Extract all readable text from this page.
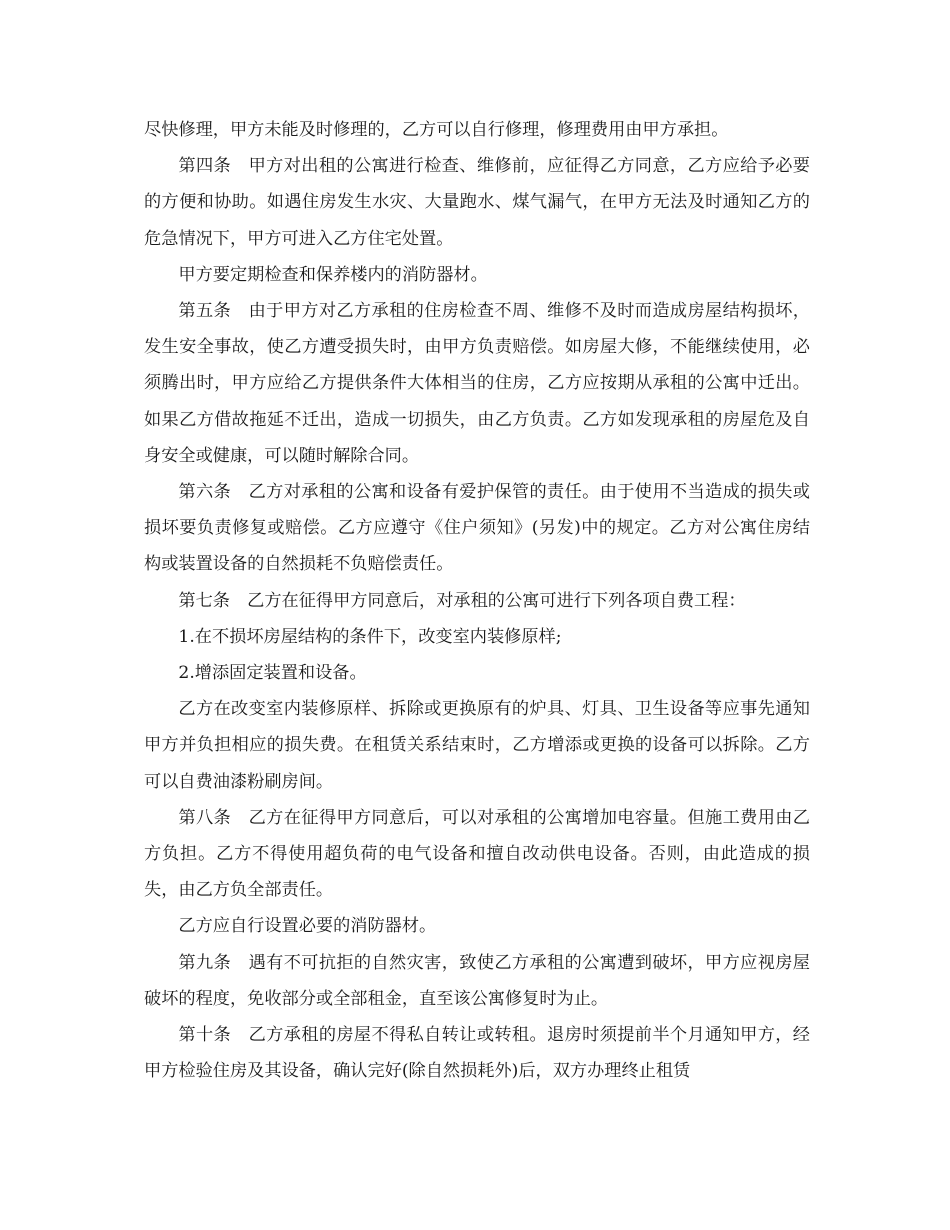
尽快修理，甲方未能及时修理的，乙方可以自行修理，修理费用由甲方承担。

第四条　甲方对出租的公寓进行检查、维修前，应征得乙方同意，乙方应给予必要的方便和协助。如遇住房发生水灾、大量跑水、煤气漏气，在甲方无法及时通知乙方的危急情况下，甲方可进入乙方住宅处置。

甲方要定期检查和保养楼内的消防器材。

第五条　由于甲方对乙方承租的住房检查不周、维修不及时而造成房屋结构损坏，发生安全事故，使乙方遭受损失时，由甲方负责赔偿。如房屋大修，不能继续使用，必须腾出时，甲方应给乙方提供条件大体相当的住房，乙方应按期从承租的公寓中迁出。如果乙方借故拖延不迁出，造成一切损失，由乙方负责。乙方如发现承租的房屋危及自身安全或健康，可以随时解除合同。

第六条　乙方对承租的公寓和设备有爱护保管的责任。由于使用不当造成的损失或损坏要负责修复或赔偿。乙方应遵守《住户须知》(另发)中的规定。乙方对公寓住房结构或装置设备的自然损耗不负赔偿责任。

第七条　乙方在征得甲方同意后，对承租的公寓可进行下列各项自费工程：

1.在不损坏房屋结构的条件下，改变室内装修原样;

2.增添固定装置和设备。

乙方在改变室内装修原样、拆除或更换原有的炉具、灯具、卫生设备等应事先通知甲方并负担相应的损失费。在租赁关系结束时，乙方增添或更换的设备可以拆除。乙方可以自费油漆粉刷房间。

第八条　乙方在征得甲方同意后，可以对承租的公寓增加电容量。但施工费用由乙方负担。乙方不得使用超负荷的电气设备和擅自改动供电设备。否则，由此造成的损失，由乙方负全部责任。

乙方应自行设置必要的消防器材。

第九条　遇有不可抗拒的自然灾害，致使乙方承租的公寓遭到破坏，甲方应视房屋破坏的程度，免收部分或全部租金，直至该公寓修复时为止。

第十条　乙方承租的房屋不得私自转让或转租。退房时须提前半个月通知甲方，经甲方检验住房及其设备，确认完好(除自然损耗外)后，双方办理终止租赁
